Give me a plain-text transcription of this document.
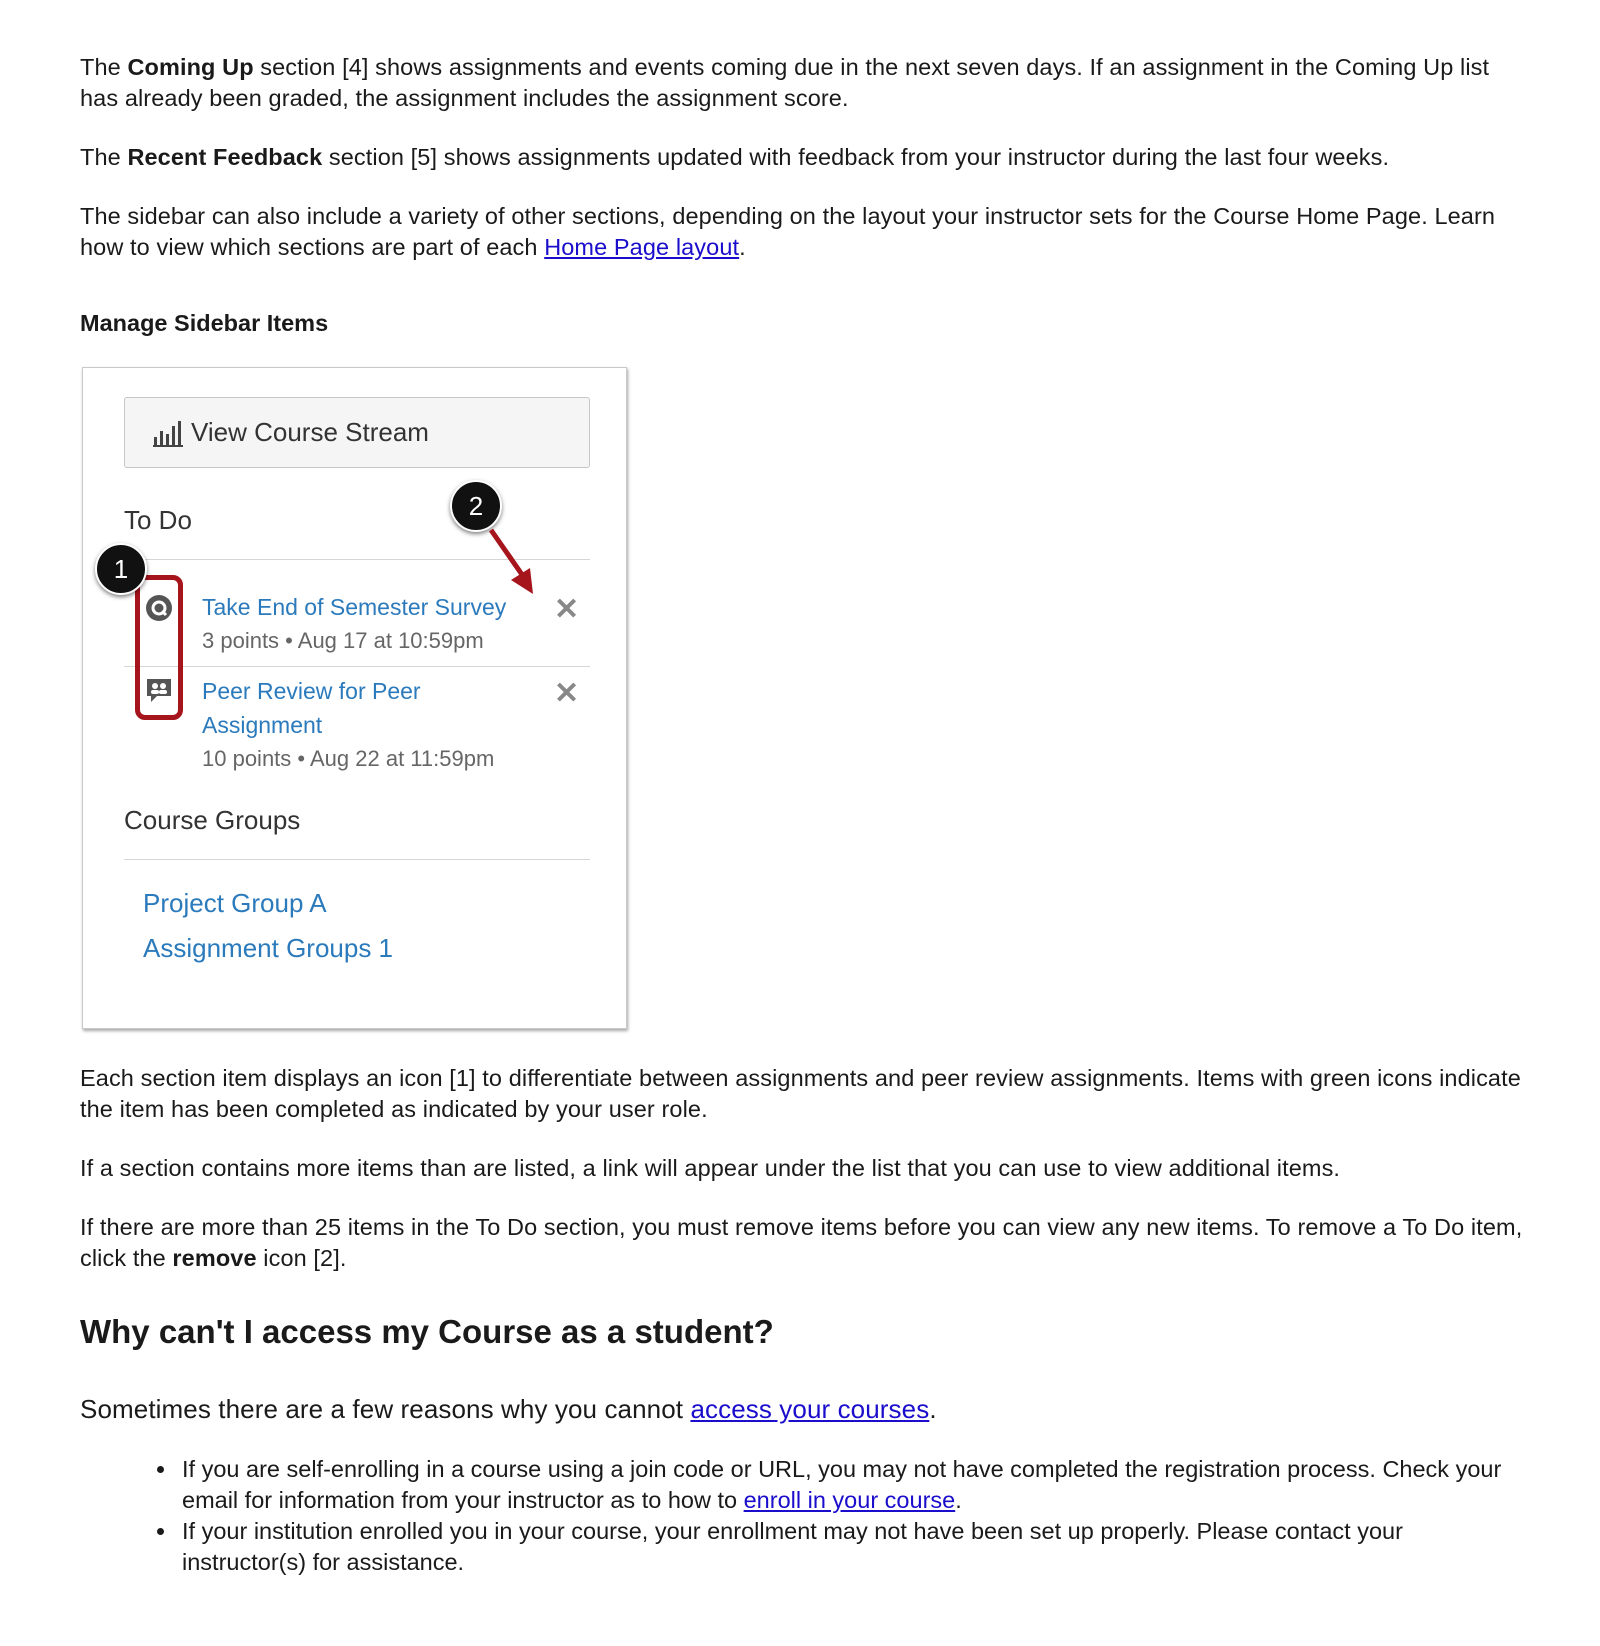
The Coming Up section [4] shows assignments and events coming due in the next seven days. If an assignment in the Coming Up list has already been graded, the assignment includes the assignment score.

The Recent Feedback section [5] shows assignments updated with feedback from your instructor during the last four weeks.

The sidebar can also include a variety of other sections, depending on the layout your instructor sets for the Course Home Page. Learn how to view which sections are part of each Home Page layout.

Manage Sidebar Items
View Course Stream
To Do
Take End of Semester Survey
3 points • Aug 17 at 10:59pm
✕
Peer Review for Peer
Assignment
10 points • Aug 22 at 11:59pm
✕
1
2
Course Groups
Project Group A
Assignment Groups 1

Each section item displays an icon [1] to differentiate between assignments and peer review assignments. Items with green icons indicate the item has been completed as indicated by your user role.

If a section contains more items than are listed, a link will appear under the list that you can use to view additional items.

If there are more than 25 items in the To Do section, you must remove items before you can view any new items. To remove a To Do item, click the remove icon [2].

Why can't I access my Course as a student?

Sometimes there are a few reasons why you cannot access your courses.

• If you are self-enrolling in a course using a join code or URL, you may not have completed the registration process. Check your email for information from your instructor as to how to enroll in your course.
• If your institution enrolled you in your course, your enrollment may not have been set up properly. Please contact your instructor(s) for assistance.
